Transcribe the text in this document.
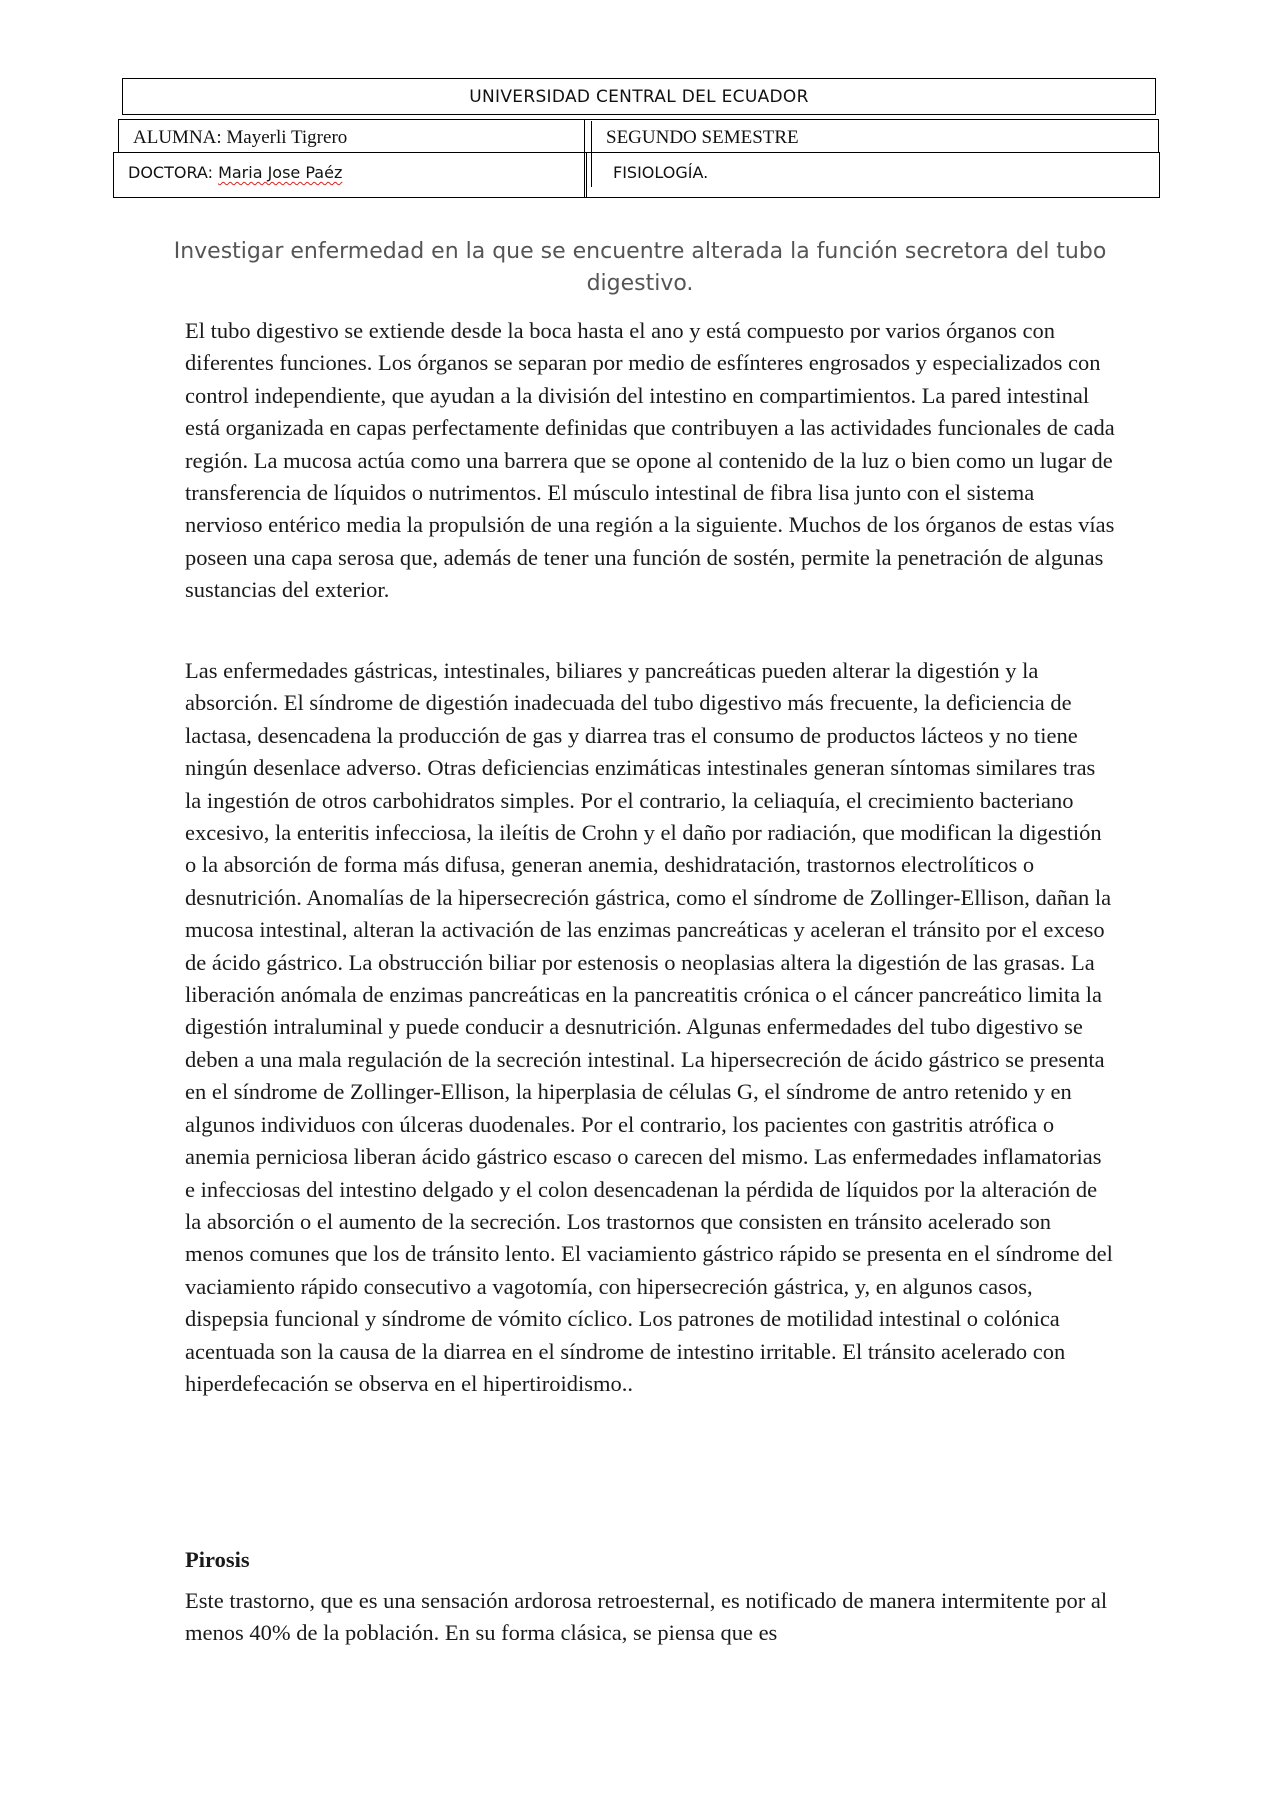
UNIVERSIDAD CENTRAL DEL ECUADOR
ALUMNA: Mayerli Tigrero	SEGUNDO SEMESTRE
DOCTORA: Maria Jose Paéz	FISIOLOGÍA.
Investigar enfermedad en la que se encuentre alterada la función secretora del tubo digestivo.

El tubo digestivo se extiende desde la boca hasta el ano y está compuesto por varios órganos con diferentes funciones. Los órganos se separan por medio de esfínteres engrosados y especializados con control independiente, que ayudan a la división del intestino en compartimientos. La pared intestinal está organizada en capas perfectamente definidas que contribuyen a las actividades funcionales de cada región. La mucosa actúa como una barrera que se opone al contenido de la luz o bien como un lugar de transferencia de líquidos o nutrimentos. El músculo intestinal de fibra lisa junto con el sistema nervioso entérico media la propulsión de una región a la siguiente. Muchos de los órganos de estas vías poseen una capa serosa que, además de tener una función de sostén, permite la penetración de algunas sustancias del exterior.

Las enfermedades gástricas, intestinales, biliares y pancreáticas pueden alterar la digestión y la absorción. El síndrome de digestión inadecuada del tubo digestivo más frecuente, la deficiencia de lactasa, desencadena la producción de gas y diarrea tras el consumo de productos lácteos y no tiene ningún desenlace adverso. Otras deficiencias enzimáticas intestinales generan síntomas similares tras la ingestión de otros carbohidratos simples. Por el contrario, la celiaquía, el crecimiento bacteriano excesivo, la enteritis infecciosa, la ileítis de Crohn y el daño por radiación, que modifican la digestión o la absorción de forma más difusa, generan anemia, deshidratación, trastornos electrolíticos o desnutrición. Anomalías de la hipersecreción gástrica, como el síndrome de Zollinger-Ellison, dañan la mucosa intestinal, alteran la activación de las enzimas pancreáticas y aceleran el tránsito por el exceso de ácido gástrico. La obstrucción biliar por estenosis o neoplasias altera la digestión de las grasas. La liberación anómala de enzimas pancreáticas en la pancreatitis crónica o el cáncer pancreático limita la digestión intraluminal y puede conducir a desnutrición. Algunas enfermedades del tubo digestivo se deben a una mala regulación de la secreción intestinal. La hipersecreción de ácido gástrico se presenta en el síndrome de Zollinger-Ellison, la hiperplasia de células G, el síndrome de antro retenido y en algunos individuos con úlceras duodenales. Por el contrario, los pacientes con gastritis atrófica o anemia perniciosa liberan ácido gástrico escaso o carecen del mismo. Las enfermedades inflamatorias e infecciosas del intestino delgado y el colon desencadenan la pérdida de líquidos por la alteración de la absorción o el aumento de la secreción. Los trastornos que consisten en tránsito acelerado son menos comunes que los de tránsito lento. El vaciamiento gástrico rápido se presenta en el síndrome del vaciamiento rápido consecutivo a vagotomía, con hipersecreción gástrica, y, en algunos casos, dispepsia funcional y síndrome de vómito cíclico. Los patrones de motilidad intestinal o colónica acentuada son la causa de la diarrea en el síndrome de intestino irritable. El tránsito acelerado con hiperdefecación se observa en el hipertiroidismo..

Pirosis

Este trastorno, que es una sensación ardorosa retroesternal, es notificado de manera intermitente por al menos 40% de la población. En su forma clásica, se piensa que es
